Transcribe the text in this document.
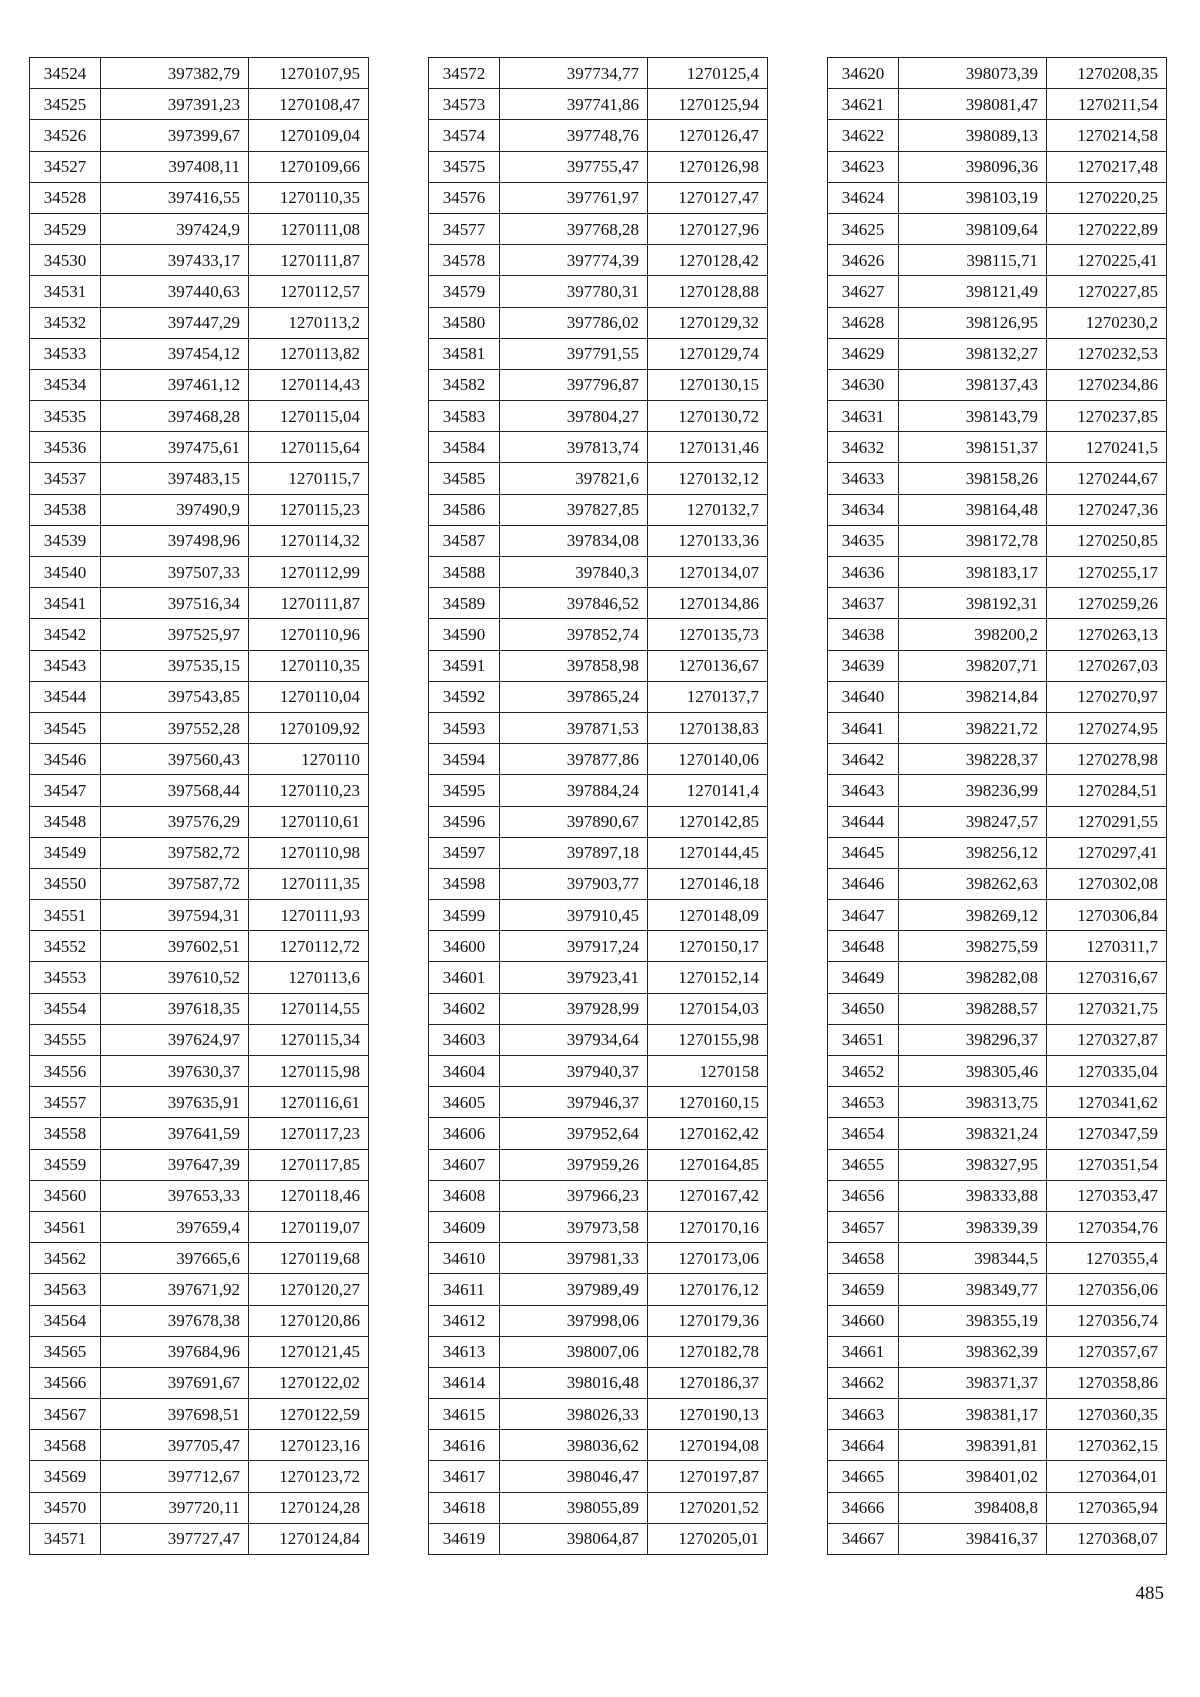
34524	397382,79	1270107,95
34525	397391,23	1270108,47
34526	397399,67	1270109,04
34527	397408,11	1270109,66
34528	397416,55	1270110,35
34529	397424,9	1270111,08
34530	397433,17	1270111,87
34531	397440,63	1270112,57
34532	397447,29	1270113,2
34533	397454,12	1270113,82
34534	397461,12	1270114,43
34535	397468,28	1270115,04
34536	397475,61	1270115,64
34537	397483,15	1270115,7
34538	397490,9	1270115,23
34539	397498,96	1270114,32
34540	397507,33	1270112,99
34541	397516,34	1270111,87
34542	397525,97	1270110,96
34543	397535,15	1270110,35
34544	397543,85	1270110,04
34545	397552,28	1270109,92
34546	397560,43	1270110
34547	397568,44	1270110,23
34548	397576,29	1270110,61
34549	397582,72	1270110,98
34550	397587,72	1270111,35
34551	397594,31	1270111,93
34552	397602,51	1270112,72
34553	397610,52	1270113,6
34554	397618,35	1270114,55
34555	397624,97	1270115,34
34556	397630,37	1270115,98
34557	397635,91	1270116,61
34558	397641,59	1270117,23
34559	397647,39	1270117,85
34560	397653,33	1270118,46
34561	397659,4	1270119,07
34562	397665,6	1270119,68
34563	397671,92	1270120,27
34564	397678,38	1270120,86
34565	397684,96	1270121,45
34566	397691,67	1270122,02
34567	397698,51	1270122,59
34568	397705,47	1270123,16
34569	397712,67	1270123,72
34570	397720,11	1270124,28
34571	397727,47	1270124,84
34572	397734,77	1270125,4
34573	397741,86	1270125,94
34574	397748,76	1270126,47
34575	397755,47	1270126,98
34576	397761,97	1270127,47
34577	397768,28	1270127,96
34578	397774,39	1270128,42
34579	397780,31	1270128,88
34580	397786,02	1270129,32
34581	397791,55	1270129,74
34582	397796,87	1270130,15
34583	397804,27	1270130,72
34584	397813,74	1270131,46
34585	397821,6	1270132,12
34586	397827,85	1270132,7
34587	397834,08	1270133,36
34588	397840,3	1270134,07
34589	397846,52	1270134,86
34590	397852,74	1270135,73
34591	397858,98	1270136,67
34592	397865,24	1270137,7
34593	397871,53	1270138,83
34594	397877,86	1270140,06
34595	397884,24	1270141,4
34596	397890,67	1270142,85
34597	397897,18	1270144,45
34598	397903,77	1270146,18
34599	397910,45	1270148,09
34600	397917,24	1270150,17
34601	397923,41	1270152,14
34602	397928,99	1270154,03
34603	397934,64	1270155,98
34604	397940,37	1270158
34605	397946,37	1270160,15
34606	397952,64	1270162,42
34607	397959,26	1270164,85
34608	397966,23	1270167,42
34609	397973,58	1270170,16
34610	397981,33	1270173,06
34611	397989,49	1270176,12
34612	397998,06	1270179,36
34613	398007,06	1270182,78
34614	398016,48	1270186,37
34615	398026,33	1270190,13
34616	398036,62	1270194,08
34617	398046,47	1270197,87
34618	398055,89	1270201,52
34619	398064,87	1270205,01
34620	398073,39	1270208,35
34621	398081,47	1270211,54
34622	398089,13	1270214,58
34623	398096,36	1270217,48
34624	398103,19	1270220,25
34625	398109,64	1270222,89
34626	398115,71	1270225,41
34627	398121,49	1270227,85
34628	398126,95	1270230,2
34629	398132,27	1270232,53
34630	398137,43	1270234,86
34631	398143,79	1270237,85
34632	398151,37	1270241,5
34633	398158,26	1270244,67
34634	398164,48	1270247,36
34635	398172,78	1270250,85
34636	398183,17	1270255,17
34637	398192,31	1270259,26
34638	398200,2	1270263,13
34639	398207,71	1270267,03
34640	398214,84	1270270,97
34641	398221,72	1270274,95
34642	398228,37	1270278,98
34643	398236,99	1270284,51
34644	398247,57	1270291,55
34645	398256,12	1270297,41
34646	398262,63	1270302,08
34647	398269,12	1270306,84
34648	398275,59	1270311,7
34649	398282,08	1270316,67
34650	398288,57	1270321,75
34651	398296,37	1270327,87
34652	398305,46	1270335,04
34653	398313,75	1270341,62
34654	398321,24	1270347,59
34655	398327,95	1270351,54
34656	398333,88	1270353,47
34657	398339,39	1270354,76
34658	398344,5	1270355,4
34659	398349,77	1270356,06
34660	398355,19	1270356,74
34661	398362,39	1270357,67
34662	398371,37	1270358,86
34663	398381,17	1270360,35
34664	398391,81	1270362,15
34665	398401,02	1270364,01
34666	398408,8	1270365,94
34667	398416,37	1270368,07
485
